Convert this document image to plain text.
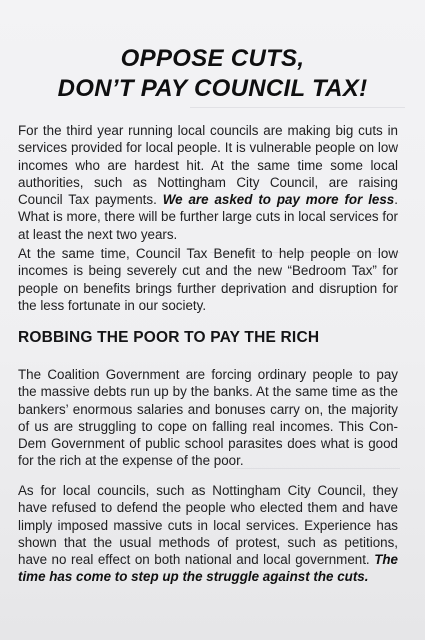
OPPOSE CUTS,
DON’T PAY COUNCIL TAX!

For the third year running local councils are making big cuts in services provided for local people. It is vulnerable people on low incomes who are hardest hit. At the same time some local authorities, such as Nottingham City Council, are raising Council Tax payments. We are asked to pay more for less. What is more, there will be further large cuts in local services for at least the next two years.

At the same time, Council Tax Benefit to help people on low incomes is being severely cut and the new “Bedroom Tax” for people on benefits brings further deprivation and disruption for the less fortunate in our society.

ROBBING THE POOR TO PAY THE RICH

The Coalition Government are forcing ordinary people to pay the massive debts run up by the banks. At the same time as the bankers’ enormous salaries and bonuses carry on, the majority of us are struggling to cope on falling real incomes. This Con-Dem Government of public school parasites does what is good for the rich at the expense of the poor.

As for local councils, such as Nottingham City Council, they have refused to defend the people who elected them and have limply imposed massive cuts in local services. Experience has shown that the usual methods of protest, such as petitions, have no real effect on both national and local government. The time has come to step up the struggle against the cuts.
